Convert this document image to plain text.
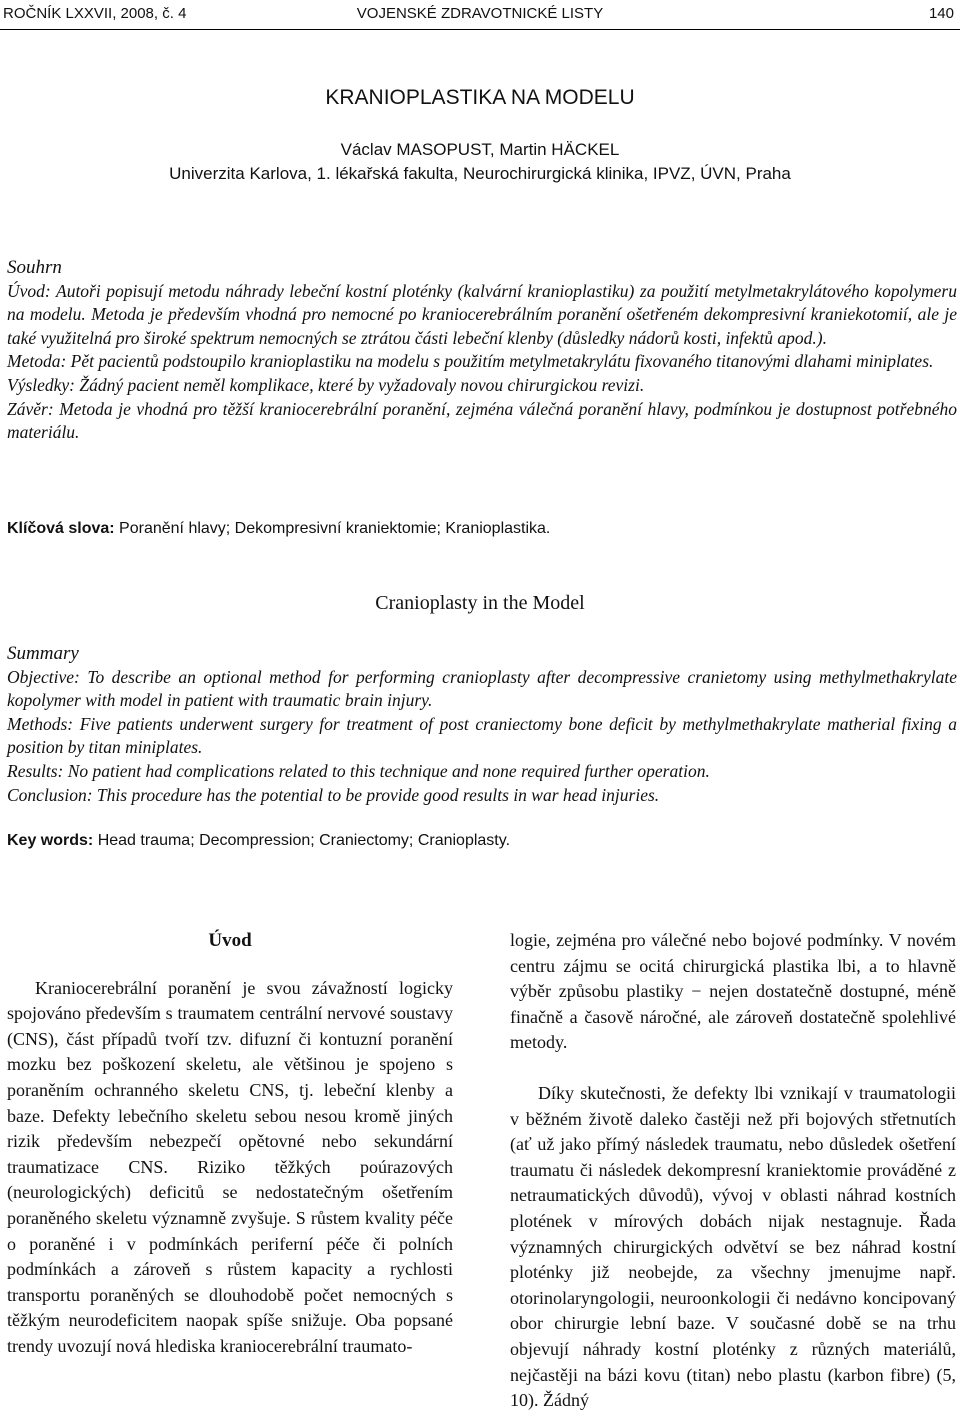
ROČNÍK LXXVII, 2008, č. 4	VOJENSKÉ ZDRAVOTNICKÉ LISTY	140
KRANIOPLASTIKA NA MODELU
Václav MASOPUST, Martin HÄCKEL
Univerzita Karlova, 1. lékařská fakulta, Neurochirurgická klinika, IPVZ, ÚVN, Praha

Souhrn

Úvod: Autoři popisují metodu náhrady lebeční kostní ploténky (kalvární kranioplastiku) za použití metylmetakrylátového kopolymeru na modelu. Metoda je především vhodná pro nemocné po kraniocerebrálním poranění ošetřeném dekompresivní kraniekotomií, ale je také využitelná pro široké spektrum nemocných se ztrátou části lebeční klenby (důsledky nádorů kosti, infektů apod.).

Metoda: Pět pacientů podstoupilo kranioplastiku na modelu s použitím metylmetakrylátu fixovaného titanovými dlahami miniplates.

Výsledky: Žádný pacient neměl komplikace, které by vyžadovaly novou chirurgickou revizi.

Závěr: Metoda je vhodná pro těžší kraniocerebrální poranění, zejména válečná poranění hlavy, podmínkou je dostupnost potřebného materiálu.

Klíčová slova: Poranění hlavy; Dekompresivní kraniektomie; Kranioplastika.
Cranioplasty in the Model

Summary

Objective: To describe an optional method for performing cranioplasty after decompressive cranietomy using methylmethakrylate kopolymer with model in patient with traumatic brain injury.

Methods: Five patients underwent surgery for treatment of post craniectomy bone deficit by methylmethakrylate matherial fixing a position by titan miniplates.

Results: No patient had complications related to this technique and none required further operation.

Conclusion: This procedure has the potential to be provide good results in war head injuries.

Key words: Head trauma; Decompression; Craniectomy; Cranioplasty.
Úvod

Kraniocerebrální poranění je svou závažností logicky spojováno především s traumatem centrální nervové soustavy (CNS), část případů tvoří tzv. difuzní či kontuzní poranění mozku bez poškození skeletu, ale většinou je spojeno s poraněním ochranného skeletu CNS, tj. lebeční klenby a baze. Defekty lebečního skeletu sebou nesou kromě jiných rizik především nebezpečí opětovné nebo sekundární traumatizace CNS. Riziko těžkých poúrazových (neurologických) deficitů se nedostatečným ošetřením poraněného skeletu významně zvyšuje. S růstem kvality péče o poraněné i v podmínkách periferní péče či polních podmínkách a zároveň s růstem kapacity a rychlosti transportu poraněných se dlouhodobě počet nemocných s těžkým neurodeficitem naopak spíše snižuje. Oba popsané trendy uvozují nová hlediska kraniocerebrální traumato-

logie, zejména pro válečné nebo bojové podmínky. V novém centru zájmu se ocitá chirurgická plastika lbi, a to hlavně výběr způsobu plastiky − nejen dostatečně dostupné, méně finačně a časově náročné, ale zároveň dostatečně spolehlivé metody.

Díky skutečnosti, že defekty lbi vznikají v traumatologii v běžném životě daleko častěji než při bojových střetnutích (ať už jako přímý následek traumatu, nebo důsledek ošetření traumatu či následek dekompresní kraniektomie prováděné z netraumatických důvodů), vývoj v oblasti náhrad kostních plotének v mírových dobách nijak nestagnuje. Řada významných chirurgických odvětví se bez náhrad kostní ploténky již neobejde, za všechny jmenujme např. otorinolaryngologii, neuroonkologii či nedávno koncipovaný obor chirurgie lební baze. V současné době se na trhu objevují náhrady kostní ploténky z různých materiálů, nejčastěji na bázi kovu (titan) nebo plastu (karbon fibre) (5, 10). Žádný
